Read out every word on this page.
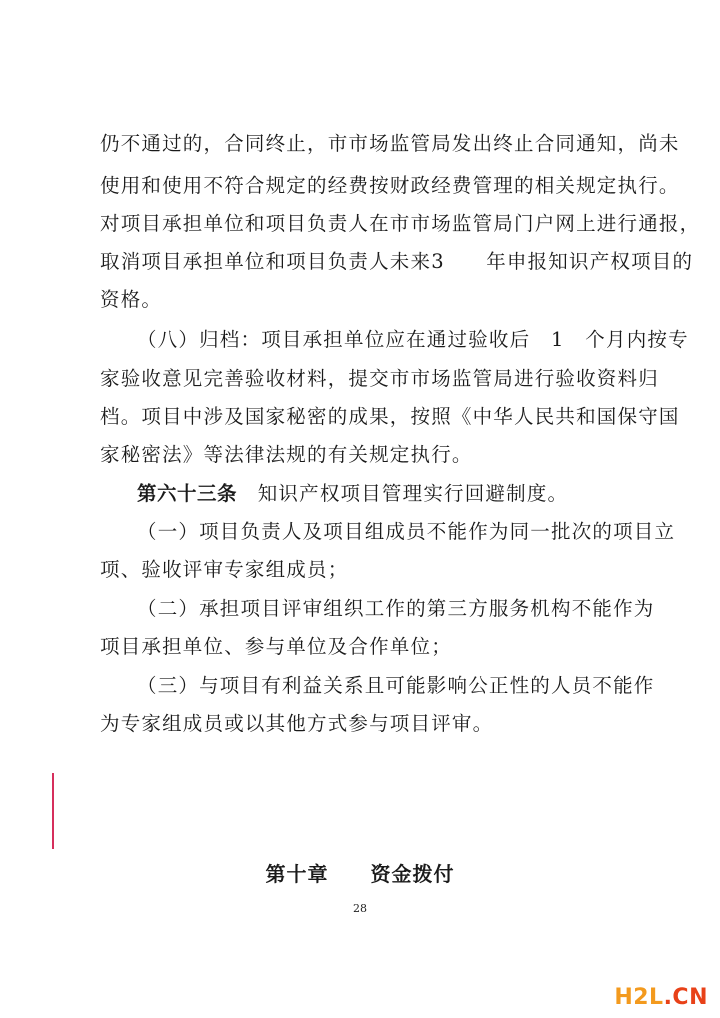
仍不通过的，合同终止，市市场监管局发出终止合同通知，尚未
使用和使用不符合规定的经费按财政经费管理的相关规定执行。
对项目承担单位和项目负责人在市市场监管局门户网上进行通报，
取消项目承担单位和项目负责人未来3　　年申报知识产权项目的
资格。
（八）归档：项目承担单位应在通过验收后　1　个月内按专
家验收意见完善验收材料，提交市市场监管局进行验收资料归
档。项目中涉及国家秘密的成果，按照《中华人民共和国保守国
家秘密法》等法律法规的有关规定执行。
第六十三条　 知识产权项目管理实行回避制度。
（一）项目负责人及项目组成员不能作为同一批次的项目立
项、验收评审专家组成员；
（二）承担项目评审组织工作的第三方服务机构不能作为
项目承担单位、参与单位及合作单位；
（三）与项目有利益关系且可能影响公正性的人员不能作
为专家组成员或以其他方式参与项目评审。
第十章　　资金拨付
28
H2L.CN
